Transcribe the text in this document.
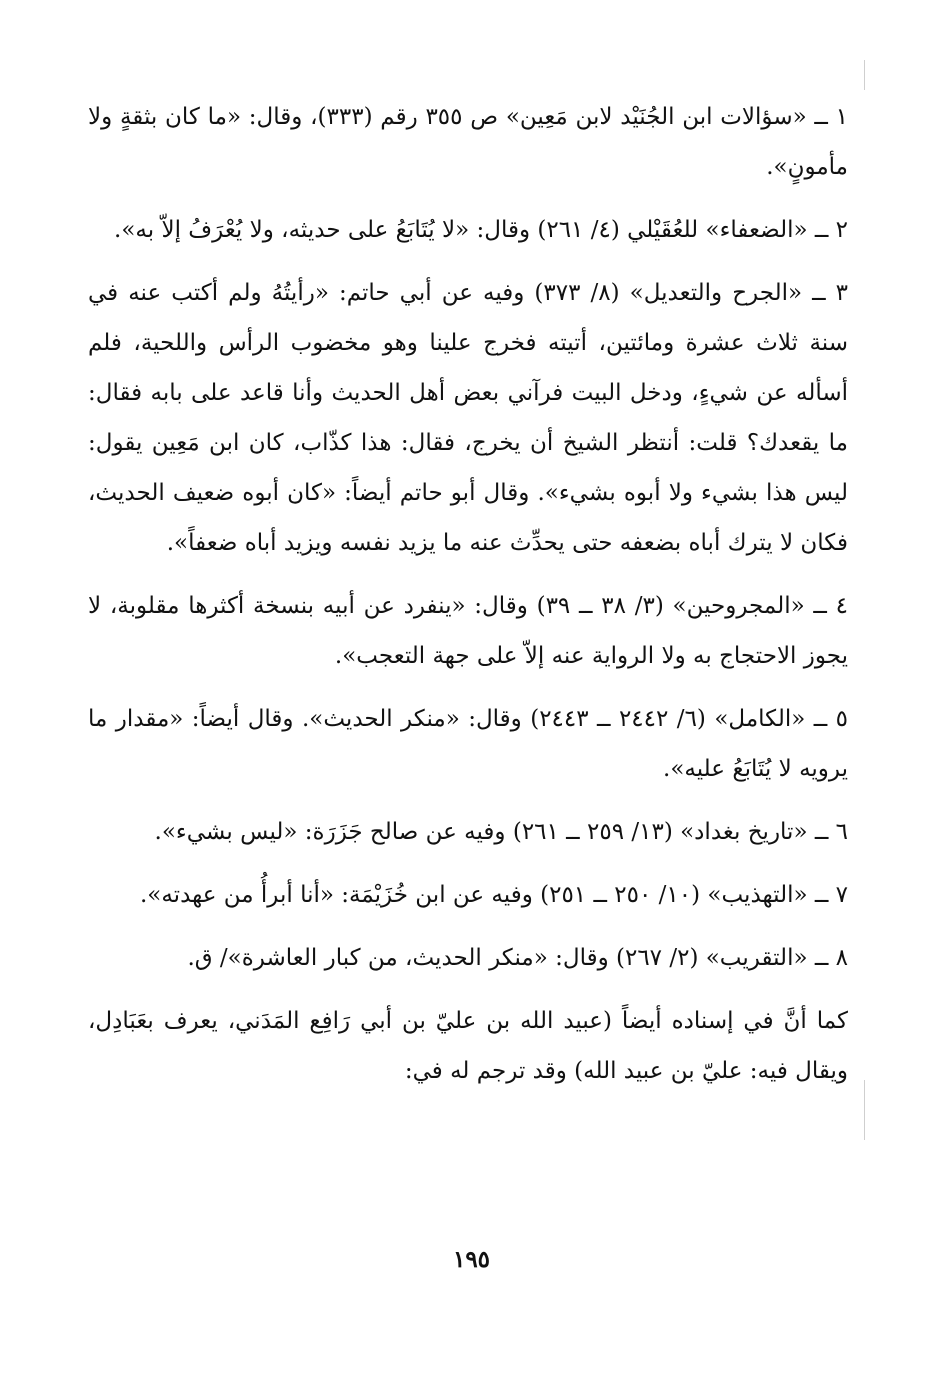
١ ــ «سؤالات ابن الجُنَيْد لابن مَعِين» ص ٣٥٥ رقم (٣٣٣)، وقال: «ما كان بثقةٍ ولا مأمونٍ».

٢ ــ «الضعفاء» للعُقَيْلي (٤/ ٢٦١) وقال: «لا يُتَابَعُ على حديثه، ولا يُعْرَفُ إلاّ به».

٣ ــ «الجرح والتعديل» (٨/ ٣٧٣) وفيه عن أبي حاتم: «رأيتُهُ ولم أكتب عنه في سنة ثلاث عشرة ومائتين، أتيته فخرج علينا وهو مخضوب الرأس واللحية، فلم أسأله عن شيءٍ، ودخل البيت فرآني بعض أهل الحديث وأنا قاعد على بابه فقال: ما يقعدك؟ قلت: أنتظر الشيخ أن يخرج، فقال: هذا كذّاب، كان ابن مَعِين يقول: ليس هذا بشيء ولا أبوه بشيء». وقال أبو حاتم أيضاً: «كان أبوه ضعيف الحديث، فكان لا يترك أباه بضعفه حتى يحدِّث عنه ما يزيد نفسه ويزيد أباه ضعفاً».

٤ ــ «المجروحين» (٣/ ٣٨ ــ ٣٩) وقال: «ينفرد عن أبيه بنسخة أكثرها مقلوبة، لا يجوز الاحتجاج به ولا الرواية عنه إلاّ على جهة التعجب».

٥ ــ «الكامل» (٦/ ٢٤٤٢ ــ ٢٤٤٣) وقال: «منكر الحديث». وقال أيضاً: «مقدار ما يرويه لا يُتَابَعُ عليه».

٦ ــ «تاريخ بغداد» (١٣/ ٢٥٩ ــ ٢٦١) وفيه عن صالح جَزَرَة: «ليس بشيء».

٧ ــ «التهذيب» (١٠/ ٢٥٠ ــ ٢٥١) وفيه عن ابن خُزَيْمَة: «أنا أبرأُ من عهدته».

٨ ــ «التقريب» (٢/ ٢٦٧) وقال: «منكر الحديث، من كبار العاشرة»/ ق.

كما أنَّ في إسناده أيضاً (عبيد الله بن عليّ بن أبي رَافِع المَدَني، يعرف بعَبَادِل، ويقال فيه: عليّ بن عبيد الله) وقد ترجم له في:

١٩٥
